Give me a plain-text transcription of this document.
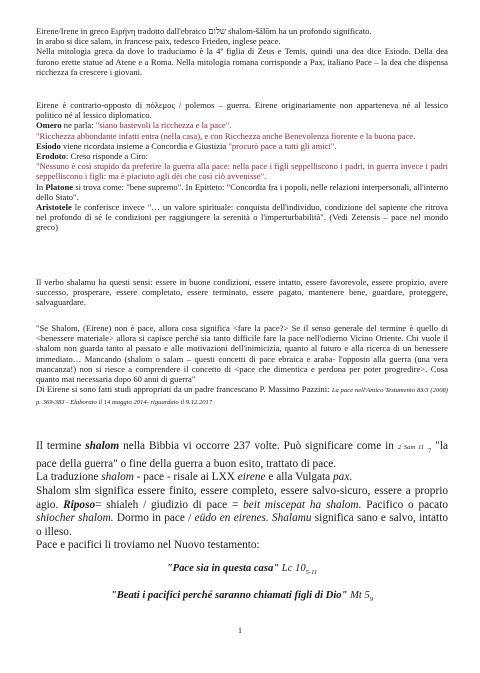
Eirene/Irene in greco Ειρήνη tradotto dall'ebraico שלום shalom-šālōm ha un profondo significato.

In arabo si dice salam, in francese paix, tedesco Frieden, inglese peace.

Nella mitologia greca da dove lo traduciamo è la 4ª figlia di Zeus e Temis, quindi una dea dice Esiodo. Della dea furono erette statue ad Atene e a Roma. Nella mitologia romana corrisponde a Pax, italiano Pace – la dea che dispensa ricchezza fa crescere i giovani.

Eirene è contrario-opposto di πόλεμος / polemos – guerra. Eirene originariamente non apparteneva né al lessico politico né al lessico diplomatico.

Omero ne parla: "siano bastevoli la ricchezza e la pace".

"Ricchezza abbondante infatti entra (nella casa), e con Ricchezza anche Benevolenza fiorente e la buona pace.

Esiodo viene ricordata insieme a Concordia e Giustizia "procurò pace a tutti gli amici".

Erodoto: Creso risponde a Ciro:

"Nessuno è così stupido da preferire la guerra alla pace: nella pace i figli seppelliscono i padri, in guerra invece i padri seppelliscono i figli: ma è piaciuto agli dèi che così ciò avvenisse".

In Platone si trova come: "bene supremo". In Epitteto: "Concordia fra i popoli, nelle relazioni interpersonali, all'interno dello Stato".

Aristotele le conferisce invece "… un valore spirituale: conquista dell'individuo, condizione del sapiente che ritrova nel profondo di sé le condizioni per raggiungere la serenità o l'imperturbabilità". (Vedi Zetensis – pace nel mondo greco)

Il verbo shalamu ha questi sensi: essere in buone condizioni, essere intatto, essere favorevole, essere propizio, avere successo, prosperare, essere completato, essere terminato, essere pagato, mantenere bene, guardare, proteggere, salvaguardare.

"Se Shalom, (Eirene) non è pace, allora cosa significa <fare la pace?> Se il senso generale del termine è quello di <benessere materiale> allora si capisce perché sia tanto difficile fare la pace nell'odierno Vicino Oriente. Chi vuole il shalom non guarda tanto al passato e alle motivazioni dell'inimicizia, quanto al futuro e alla ricerca di un benessere immediato… Mancando (shalom o salam – questi concetti di pace ebraica e araba- l'opposto alla guerra (una vera mancanza!) non si riesce a comprendere il concetto di <pace che dimentica e perdona per poter progredire>. Cosa quanto mai necessaria dopo 60 anni di guerra"

Di Eirene si sono fatti studi appropriati da un padre francescano P. Massimo Pazzini: La pace nell'Antico Testamento 83/3 (2008) p. 369-383 - Elaborato il 14 maggio 2014- riguardato il 9.12.2017

Il termine shalom nella Bibbia vi occorre 237 volte. Può significare come in 2 Sam 11 $_7$ "la pace della guerra" o fine della guerra a buon esito, trattato di pace.

La traduzione shalom - pace - risale ai LXX eirene e alla Vulgata pax.

Shalom slm significa essere finito, essere completo, essere salvo-sicuro, essere a proprio agio. Riposo= shialeh / giudizio di pace = beit miscepat ha shalom. Pacifico o pacato shiocher shalom. Dormo in pace / eüdo en eirenes. Shalamu significa sano e salvo, intatto o illeso.

Pace e pacifici li troviamo nel Nuovo testamento:

"Pace sia in questa casa" Lc $10_{5-11}$
"Beati i pacifici perché saranno chiamati figli di Dio" Mt $5_9$
1
